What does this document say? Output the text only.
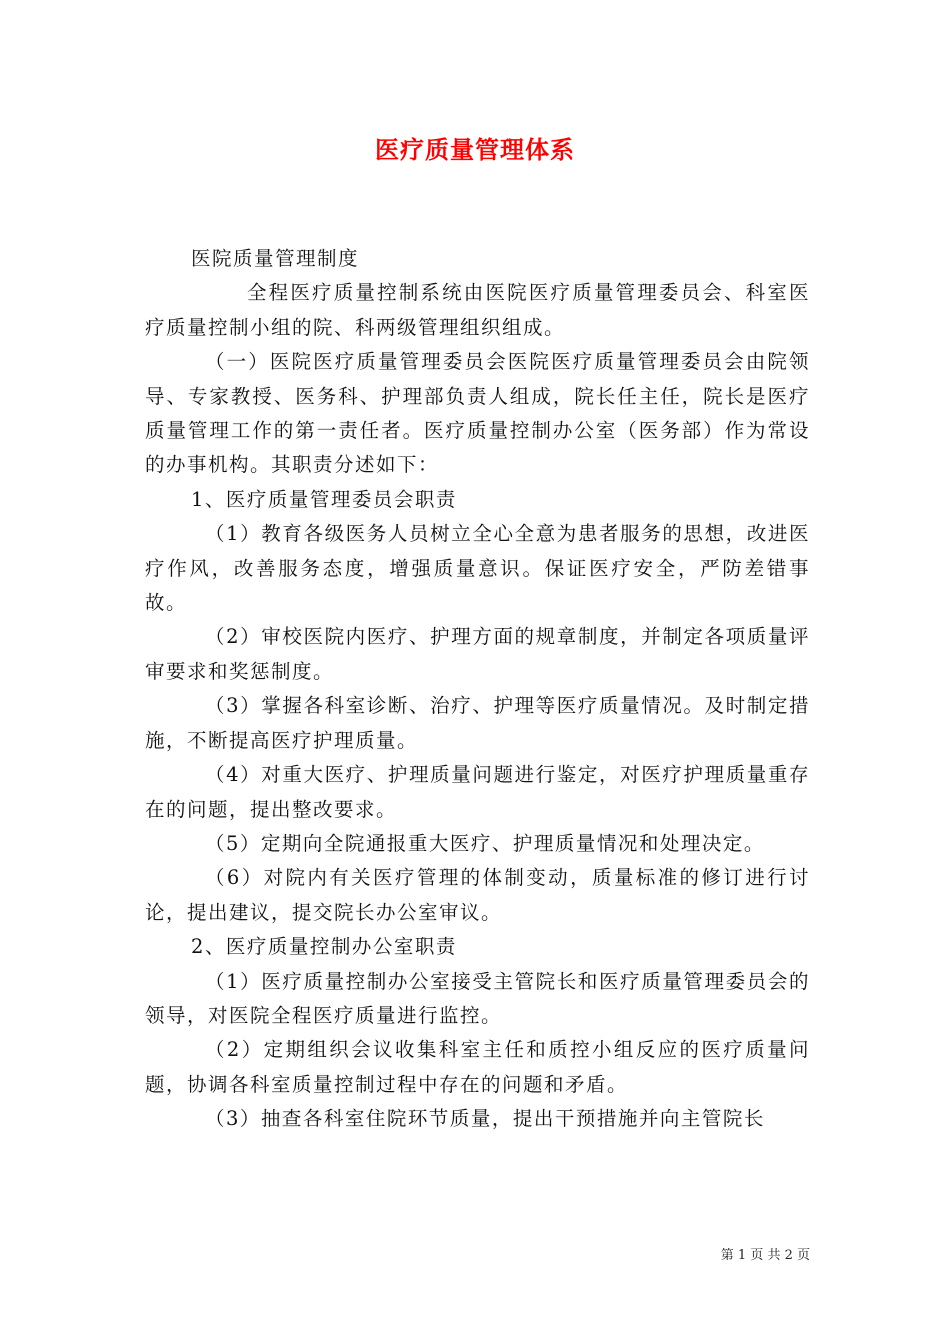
医疗质量管理体系

医院质量管理制度

全程医疗质量控制系统由医院医疗质量管理委员会、科室医疗质量控制小组的院、科两级管理组织组成。

（一）医院医疗质量管理委员会医院医疗质量管理委员会由院领导、专家教授、医务科、护理部负责人组成，院长任主任，院长是医疗质量管理工作的第一责任者。医疗质量控制办公室（医务部）作为常设的办事机构。其职责分述如下：

1、医疗质量管理委员会职责

（1）教育各级医务人员树立全心全意为患者服务的思想，改进医疗作风，改善服务态度，增强质量意识。保证医疗安全，严防差错事故。

（2）审校医院内医疗、护理方面的规章制度，并制定各项质量评审要求和奖惩制度。

（3）掌握各科室诊断、治疗、护理等医疗质量情况。及时制定措施，不断提高医疗护理质量。

（4）对重大医疗、护理质量问题进行鉴定，对医疗护理质量重存在的问题，提出整改要求。

（5）定期向全院通报重大医疗、护理质量情况和处理决定。

（6）对院内有关医疗管理的体制变动，质量标准的修订进行讨论，提出建议，提交院长办公室审议。

2、医疗质量控制办公室职责

（1）医疗质量控制办公室接受主管院长和医疗质量管理委员会的领导，对医院全程医疗质量进行监控。

（2）定期组织会议收集科室主任和质控小组反应的医疗质量问题，协调各科室质量控制过程中存在的问题和矛盾。

（3）抽查各科室住院环节质量，提出干预措施并向主管院长

第 1 页 共 2 页
